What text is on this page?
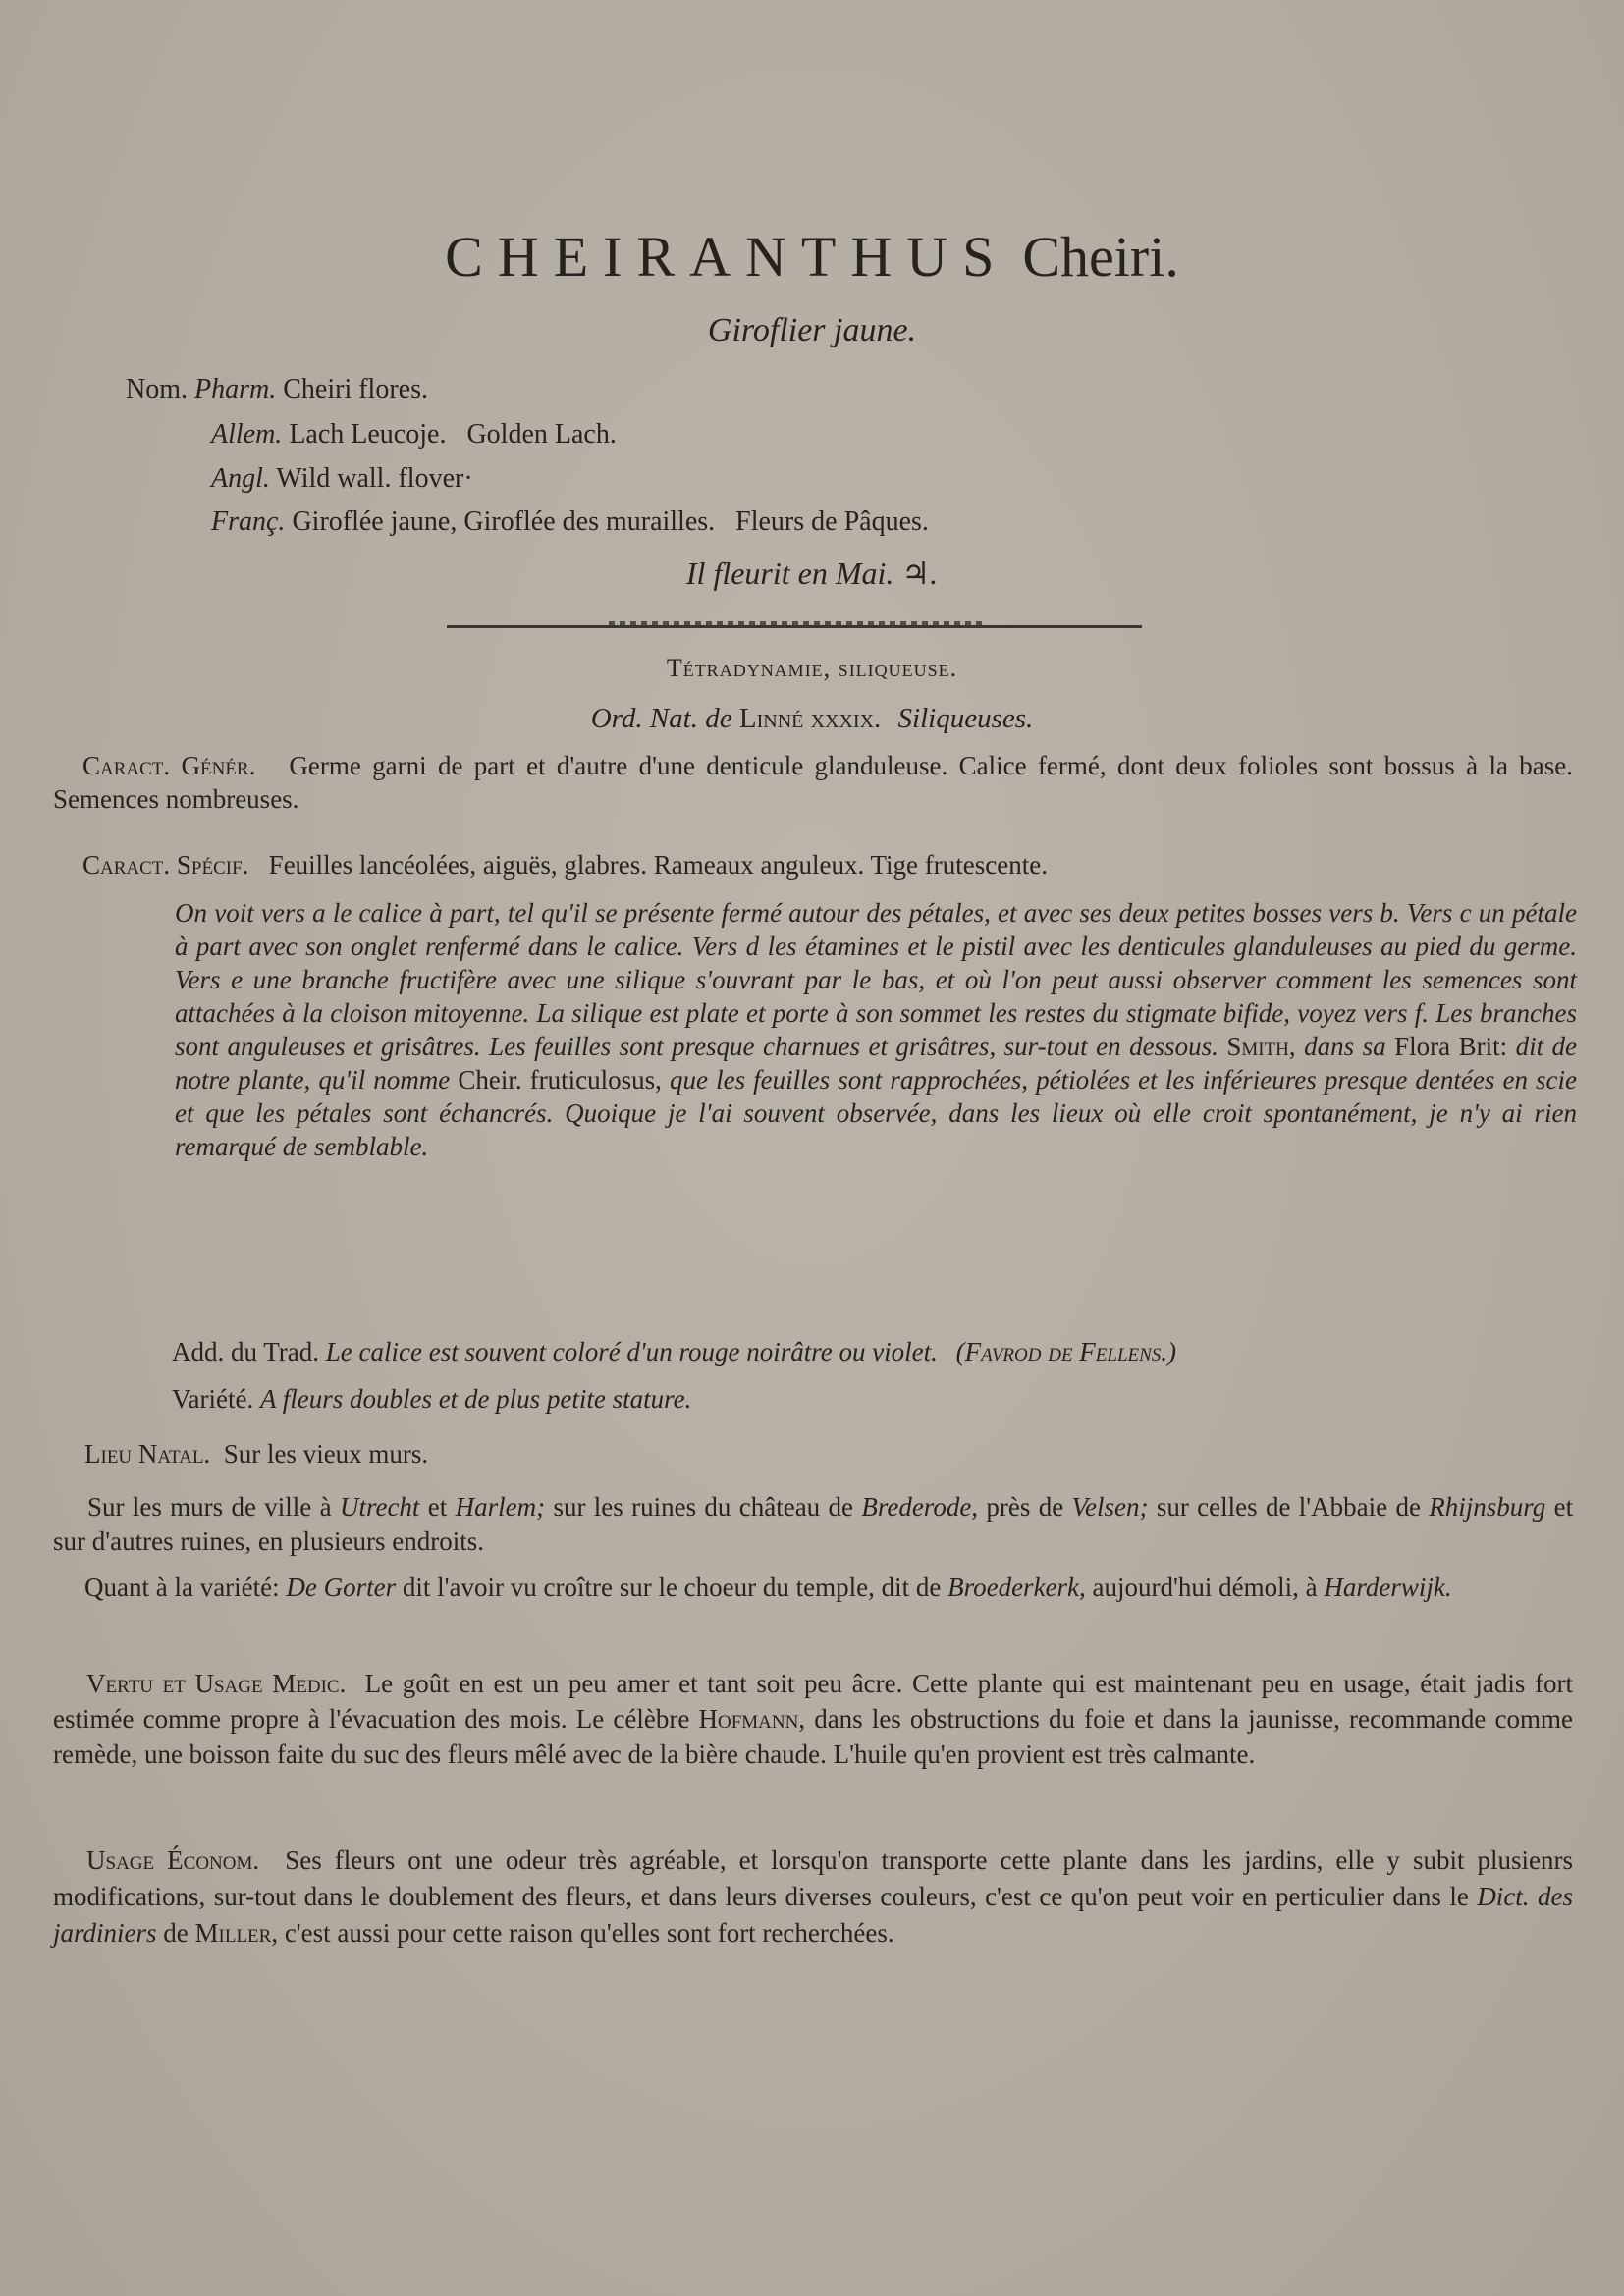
CHEIRANTHUS Cheiri.
Giroflier jaune.
Nom. Pharm. Cheiri flores.
Allem. Lach Leucoje.   Golden Lach.
Angl. Wild wall. flover·
Franç. Giroflée jaune, Giroflée des murailles.   Fleurs de Pâques.
Il fleurit en Mai. ♃.
Tétradynamie, siliqueuse.
Ord. Nat. de Linné xxxix. Siliqueuses.

Caract. Génér. Germe garni de part et d'autre d'une denticule glanduleuse. Calice fermé, dont deux folioles sont bossus à la base. Semences nombreuses.

Caract. Spécif. Feuilles lancéolées, aiguës, glabres. Rameaux anguleux. Tige frutescente.

On voit vers a le calice à part, tel qu'il se présente fermé autour des pétales, et avec ses deux petites bosses vers b. Vers c un pétale à part avec son onglet renfermé dans le calice. Vers d les étamines et le pistil avec les denticules glanduleuses au pied du germe. Vers e une branche fructifère avec une silique s'ouvrant par le bas, et où l'on peut aussi observer comment les semences sont attachées à la cloison mitoyenne. La silique est plate et porte à son sommet les restes du stigmate bifide, voyez vers f. Les branches sont anguleuses et grisâtres. Les feuilles sont presque charnues et grisâtres, sur-tout en dessous. Smith, dans sa Flora Brit: dit de notre plante, qu'il nomme Cheir. fruticulosus, que les feuilles sont rapprochées, pétiolées et les inférieures presque dentées en scie et que les pétales sont échancrés. Quoique je l'ai souvent observée, dans les lieux où elle croit spontanément, je n'y ai rien remarqué de semblable.

Add. du Trad. Le calice est souvent coloré d'un rouge noirâtre ou violet. (Favrod de Fellens.)
Variété. A fleurs doubles et de plus petite stature.
Lieu Natal. Sur les vieux murs.

Sur les murs de ville à Utrecht et Harlem; sur les ruines du château de Brederode, près de Velsen; sur celles de l'Abbaie de Rhijnsburg et sur d'autres ruines, en plusieurs endroits.

Quant à la variété: De Gorter dit l'avoir vu croître sur le choeur du temple, dit de Broederkerk, aujourd'hui démoli, à Harderwijk.

Vertu et Usage Medic. Le goût en est un peu amer et tant soit peu âcre. Cette plante qui est maintenant peu en usage, était jadis fort estimée comme propre à l'évacuation des mois. Le célèbre Hofmann, dans les obstructions du foie et dans la jaunisse, recommande comme remède, une boisson faite du suc des fleurs mêlé avec de la bière chaude. L'huile qu'en provient est très calmante.

Usage Économ. Ses fleurs ont une odeur très agréable, et lorsqu'on transporte cette plante dans les jardins, elle y subit plusienrs modifications, sur-tout dans le doublement des fleurs, et dans leurs diverses couleurs, c'est ce qu'on peut voir en perticulier dans le Dict. des jardiniers de Miller, c'est aussi pour cette raison qu'elles sont fort recherchées.
